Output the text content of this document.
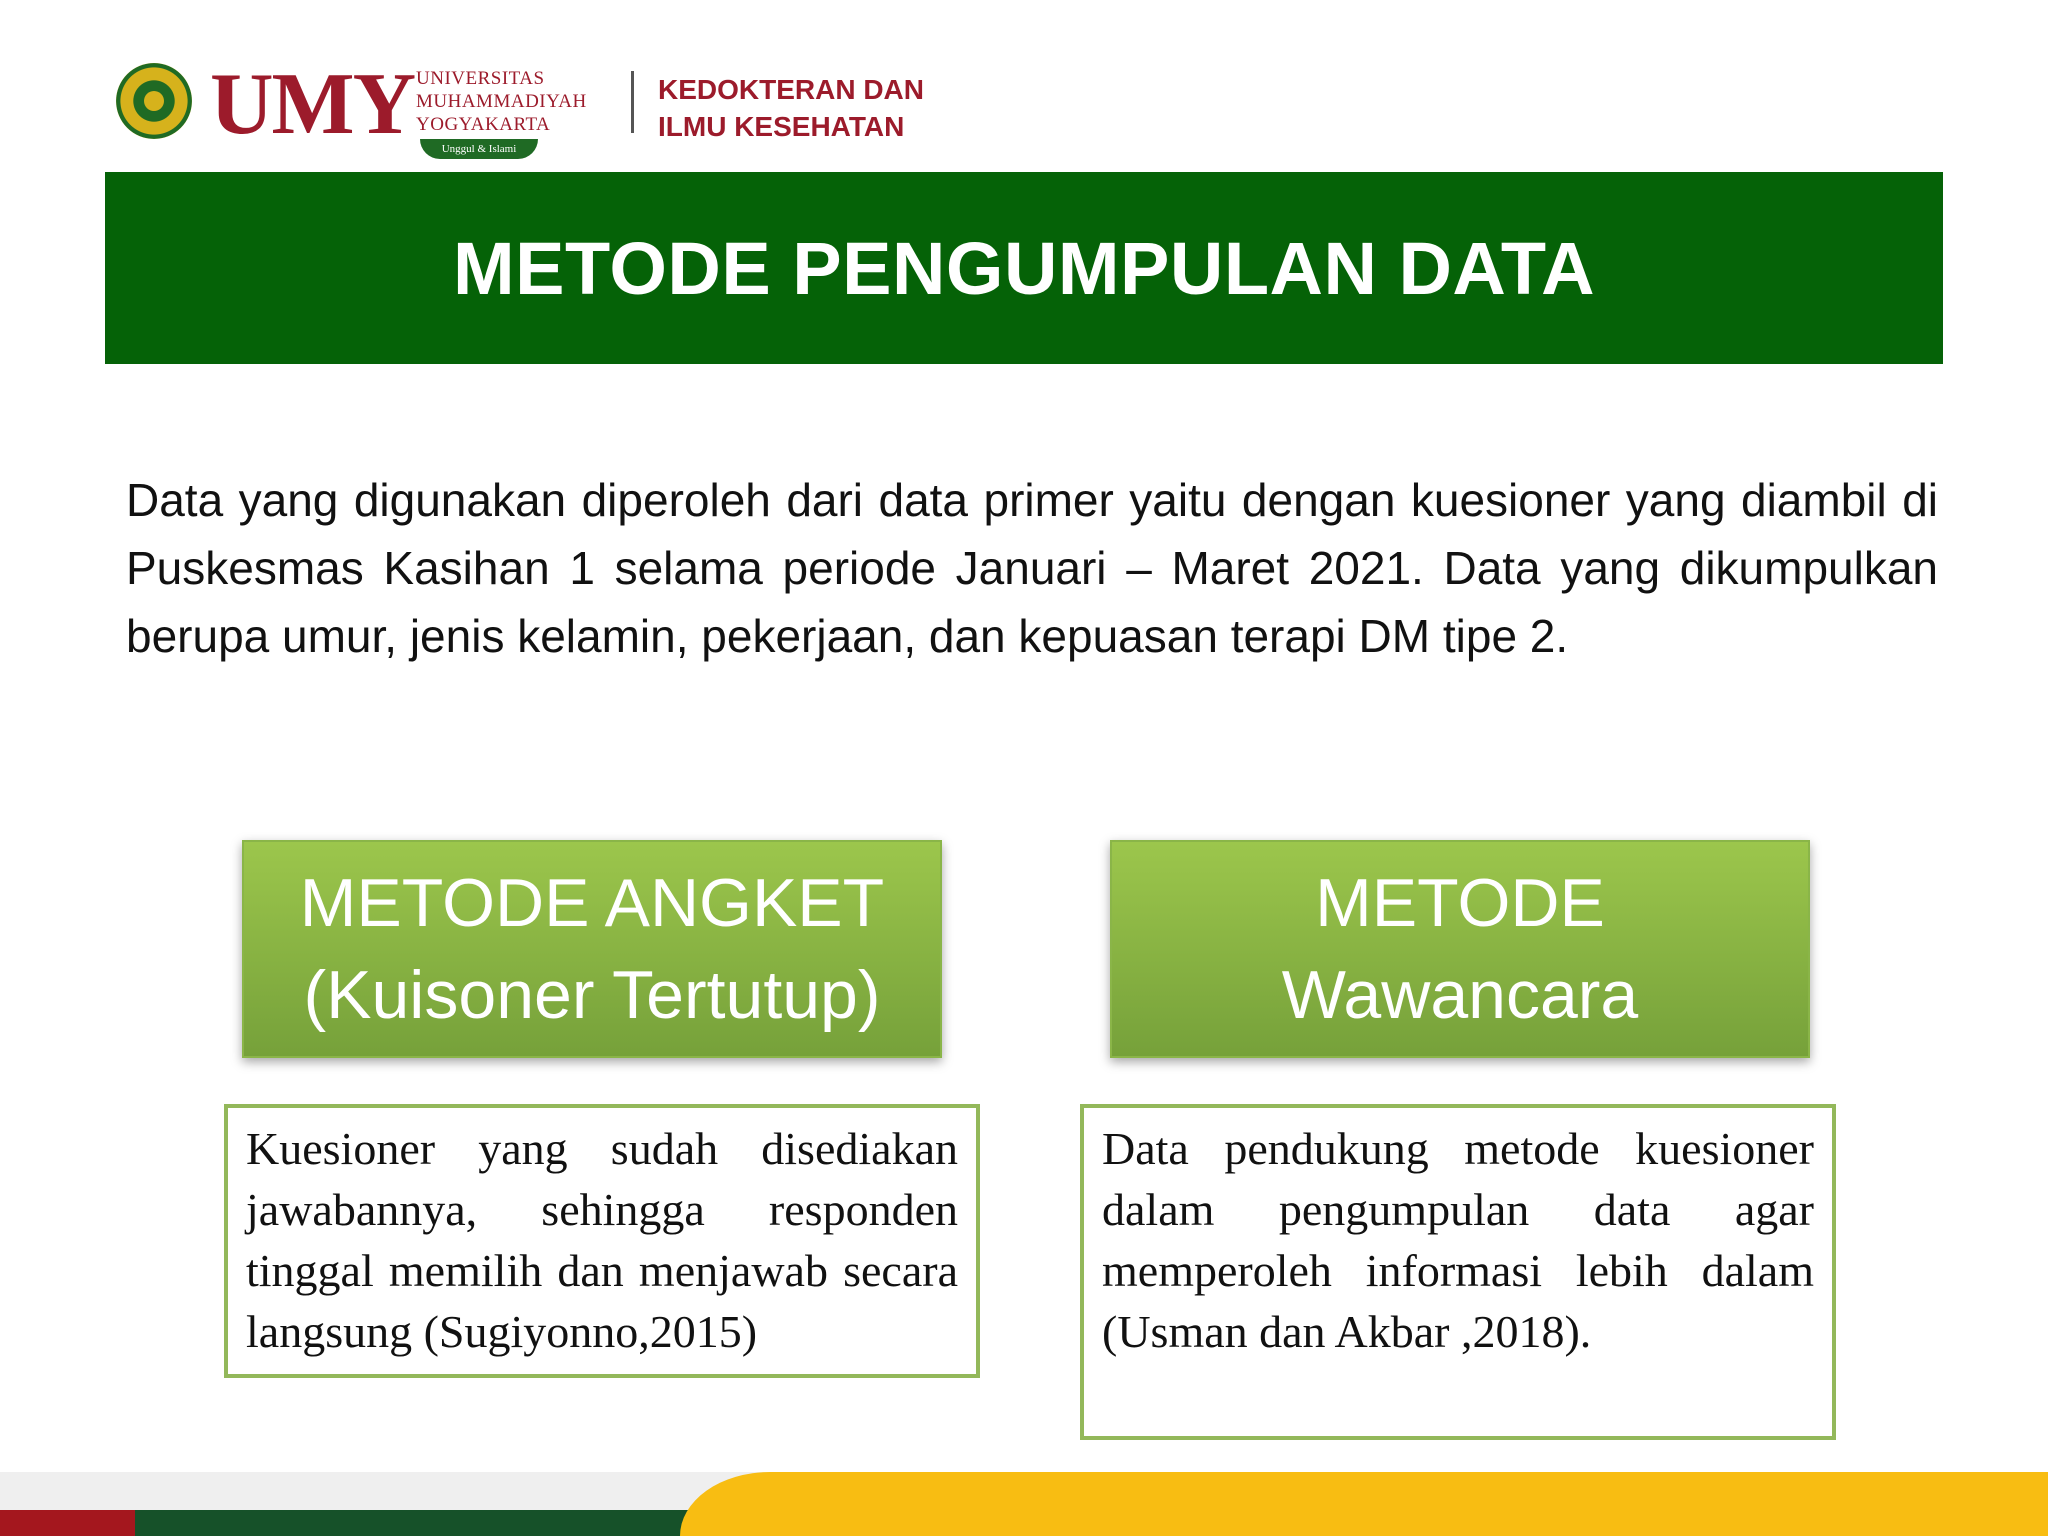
UMY UNIVERSITAS
MUHAMMADIYAH
YOGYAKARTA
Unggul & Islami
KEDOKTERAN DAN
ILMU KESEHATAN
METODE PENGUMPULAN DATA

Data yang digunakan diperoleh dari data primer yaitu dengan kuesioner yang diambil di Puskesmas Kasihan 1 selama periode Januari – Maret 2021. Data yang dikumpulkan berupa umur, jenis kelamin, pekerjaan, dan kepuasan terapi DM tipe 2.

METODE ANGKET
(Kuisoner Tertutup)
METODE
Wawancara
Kuesioner yang sudah disediakan jawabannya, sehingga responden tinggal memilih dan menjawab secara langsung (Sugiyonno,2015)
Data pendukung metode kuesioner dalam pengumpulan data agar memperoleh informasi lebih dalam (Usman dan Akbar ,2018).
